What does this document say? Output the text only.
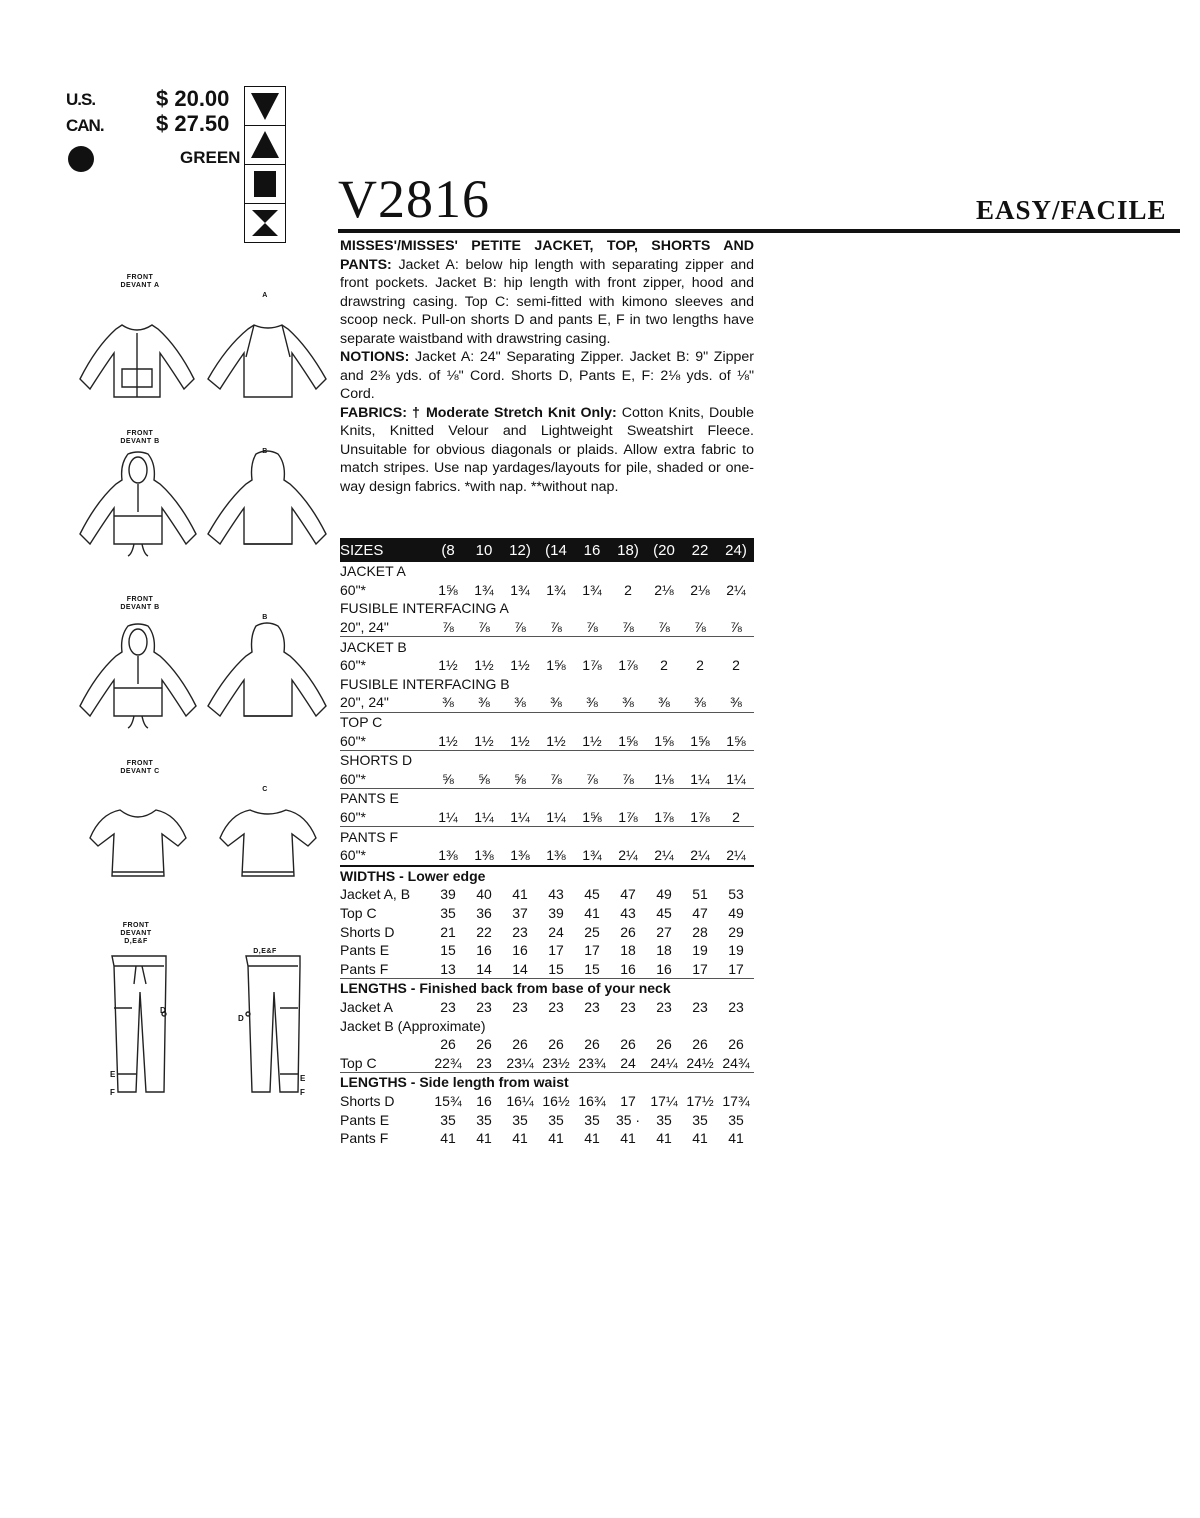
U.S.	$ 20.00
CAN. $ 27.50
GREEN
V2816	EASY/FACILE
MISSES'/MISSES' PETITE JACKET, TOP, SHORTS AND PANTS: Jacket A: below hip length with separating zipper and front pockets. Jacket B: hip length with front zipper, hood and drawstring casing. Top C: semi-fitted with kimono sleeves and scoop neck. Pull-on shorts D and pants E, F in two lengths have separate waistband with drawstring casing.
NOTIONS: Jacket A: 24" Separating Zipper. Jacket B: 9" Zipper and 2⅜ yds. of ⅛" Cord. Shorts D, Pants E, F: 2⅛ yds. of ⅛" Cord.
FABRICS: † Moderate Stretch Knit Only: Cotton Knits, Double Knits, Knitted Velour and Lightweight Sweatshirt Fleece. Unsuitable for obvious diagonals or plaids. Allow extra fabric to match stripes. Use nap yardages/layouts for pile, shaded or one-way design fabrics. *with nap. **without nap.
SIZES	(8	10	12)	(14	16	18)	(20	22	24)
JACKET A									
60"*	1⅝	1¾	1¾	1¾	1¾	2	2⅛	2⅛	2¼
FUSIBLE INTERFACING A									
20", 24"	⅞	⅞	⅞	⅞	⅞	⅞	⅞	⅞	⅞
JACKET B									
60"*	1½	1½	1½	1⅝	1⅞	1⅞	2	2	2
FUSIBLE INTERFACING B									
20", 24"	⅜	⅜	⅜	⅜	⅜	⅜	⅜	⅜	⅜
TOP C									
60"*	1½	1½	1½	1½	1½	1⅝	1⅝	1⅝	1⅝
SHORTS D									
60"*	⅝	⅝	⅝	⅞	⅞	⅞	1⅛	1¼	1¼
PANTS E									
60"*	1¼	1¼	1¼	1¼	1⅝	1⅞	1⅞	1⅞	2
PANTS F									
60"*	1⅜	1⅜	1⅜	1⅜	1¾	2¼	2¼	2¼	2¼
WIDTHS - Lower edge									
Jacket A, B	39	40	41	43	45	47	49	51	53
Top C	35	36	37	39	41	43	45	47	49
Shorts D	21	22	23	24	25	26	27	28	29
Pants E	15	16	16	17	17	18	18	19	19
Pants F	13	14	14	15	15	16	16	17	17
LENGTHS - Finished back from base of your neck									
Jacket A	23	23	23	23	23	23	23	23	23
Jacket B (Approximate)									
	26	26	26	26	26	26	26	26	26
Top C	22¾	23	23¼	23½	23¾	24	24¼	24½	24¾
LENGTHS - Side length from waist									
Shorts D	15¾	16	16¼	16½	16¾	17	17¼	17½	17¾
Pants E	35	35	35	35	35	35 ·	35	35	35
Pants F	41	41	41	41	41	41	41	41	41
FRONT DEVANT A
A
FRONT DEVANT B
B
FRONT DEVANT B
B
FRONT DEVANT C
C
FRONT DEVANT D,E&F
D,E&F
D
E
F
D
E
F
